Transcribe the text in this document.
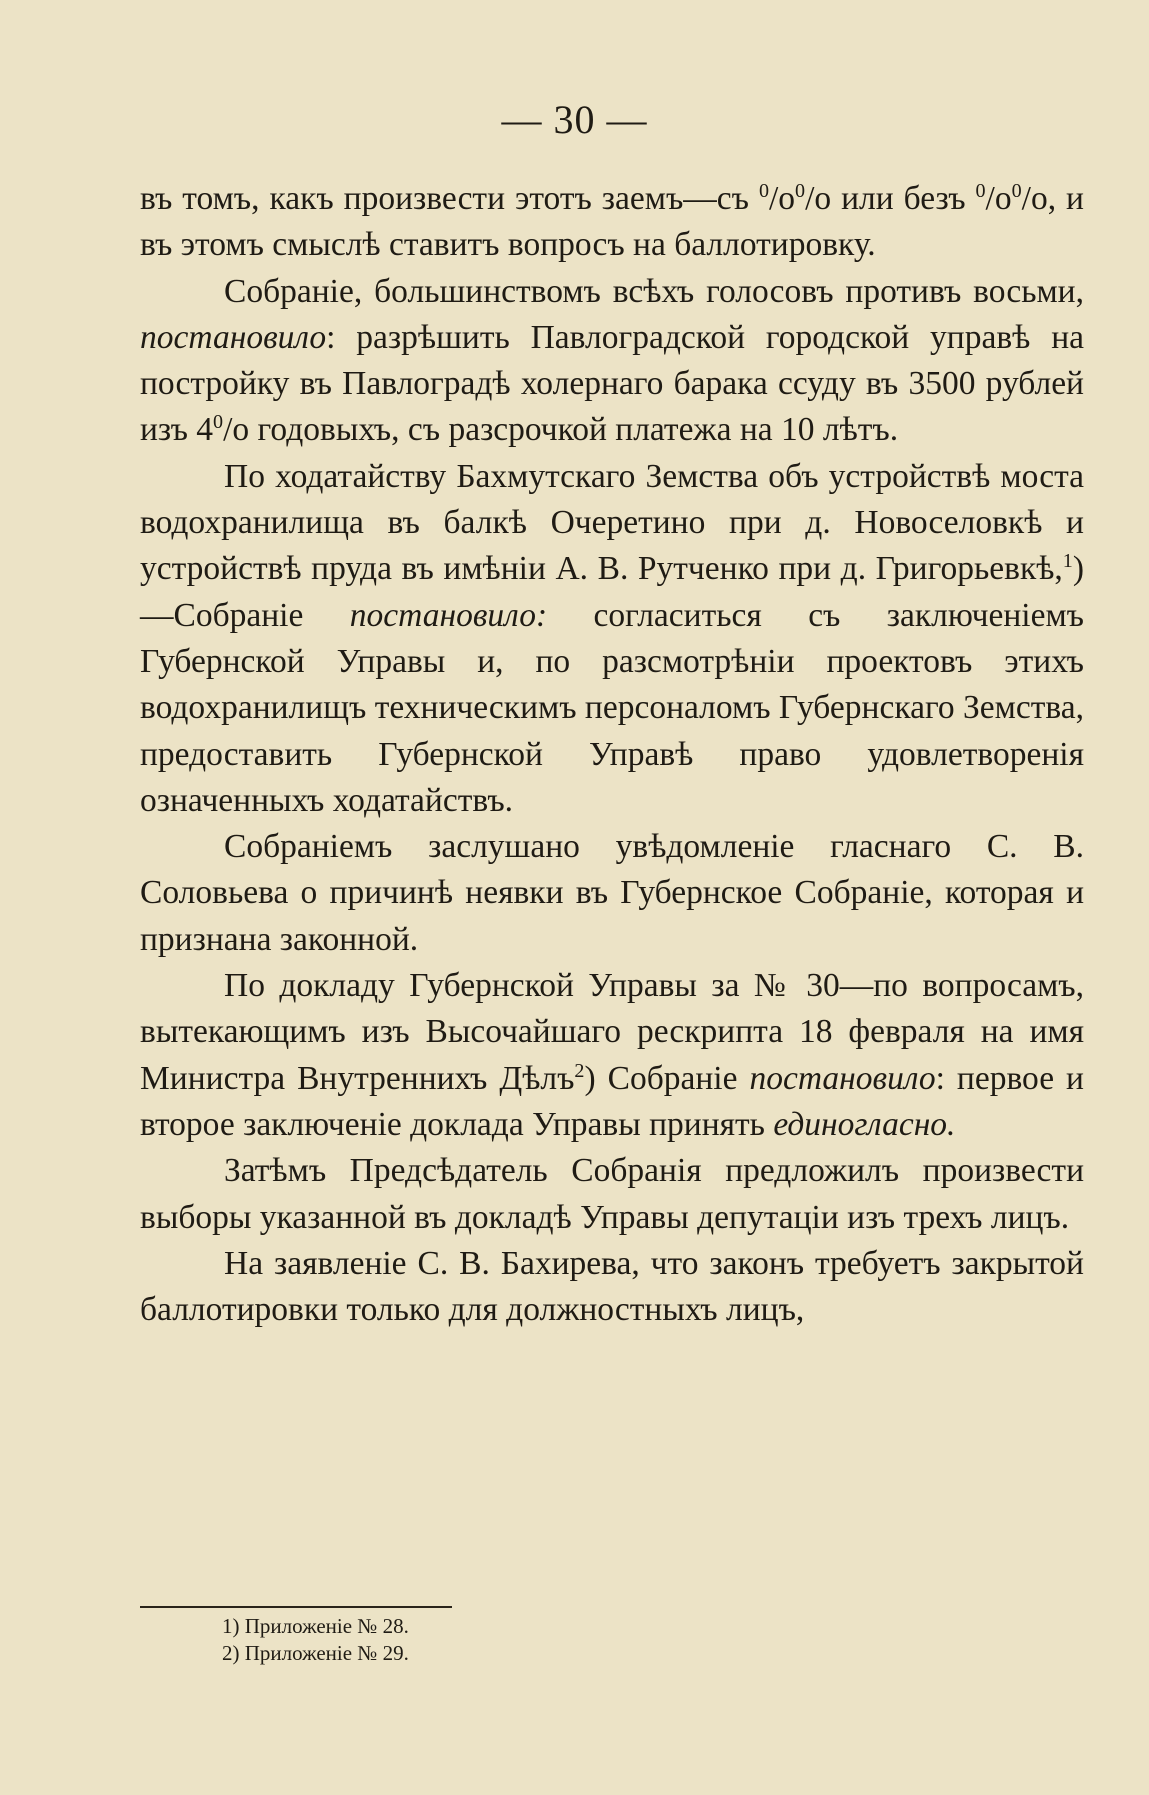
— 30 —

въ томъ, какъ произвести этотъ заемъ—съ $^0/o^0/o$ или безъ $^0/o^0/o$, и въ этомъ смыслѣ ставитъ вопросъ на баллотировку.

Собраніе, большинствомъ всѣхъ голосовъ противъ восьми, постановило: разрѣшить Павлоградской городской управѣ на постройку въ Павлоградѣ холернаго барака ссуду въ 3500 рублей изъ $4^0/o$ годовыхъ, съ разсрочкой платежа на 10 лѣтъ.

По ходатайству Бахмутскаго Земства объ устройствѣ моста водохранилища въ балкѣ Очеретино при д. Новоселовкѣ и устройствѣ пруда въ имѣніи А. В. Рутченко при д. Григорьевкѣ,$^1$)—Собраніе постановило: согласиться съ заключеніемъ Губернской Управы и, по разсмотрѣніи проектовъ этихъ водохранилищъ техническимъ персоналомъ Губернскаго Земства, предоставить Губернской Управѣ право удовлетворенія означенныхъ ходатайствъ.

Собраніемъ заслушано увѣдомленіе гласнаго С. В. Соловьева о причинѣ неявки въ Губернское Собраніе, которая и признана законной.

По докладу Губернской Управы за № 30—по вопросамъ, вытекающимъ изъ Высочайшаго рескрипта 18 февраля на имя Министра Внутреннихъ Дѣлъ$^2$) Собраніе постановило: первое и второе заключеніе доклада Управы принять единогласно.

Затѣмъ Предсѣдатель Собранія предложилъ произвести выборы указанной въ докладѣ Управы депутаціи изъ трехъ лицъ.

На заявленіе С. В. Бахирева, что законъ требуетъ закрытой баллотировки только для должностныхъ лицъ,

1) Приложеніе № 28.
2) Приложеніе № 29.
